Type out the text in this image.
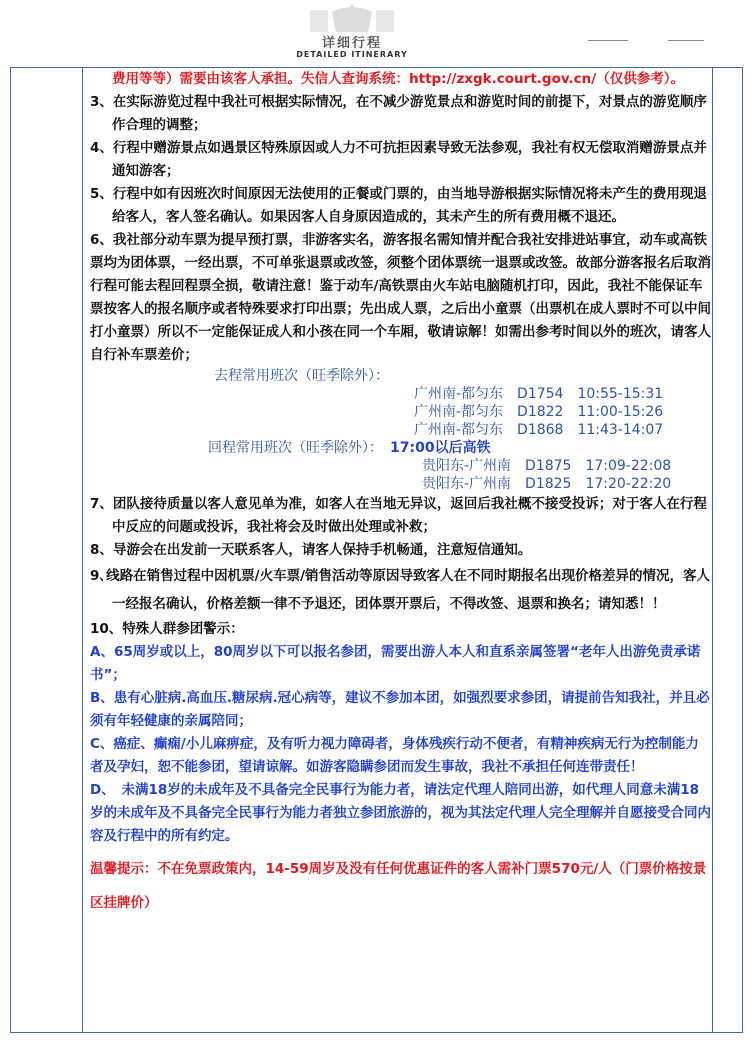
详细行程
DETAILED ITINERARY

费用等等）需要由该客人承担。失信人查询系统：http://zxgk.court.gov.cn/（仅供参考）。

3、在实际游览过程中我社可根据实际情况，在不减少游览景点和游览时间的前提下，对景点的游览顺序作合理的调整；

4、行程中赠游景点如遇景区特殊原因或人力不可抗拒因素导致无法参观，我社有权无偿取消赠游景点并通知游客；

5、行程中如有因班次时间原因无法使用的正餐或门票的，由当地导游根据实际情况将未产生的费用现退给客人，客人签名确认。如果因客人自身原因造成的，其未产生的所有费用概不退还。

6、我社部分动车票为提早预打票，非游客实名，游客报名需知情并配合我社安排进站事宜，动车或高铁票均为团体票，一经出票，不可单张退票或改签，须整个团体票统一退票或改签。故部分游客报名后取消行程可能去程回程票全损，敬请注意！鉴于动车/高铁票由火车站电脑随机打印，因此，我社不能保证车票按客人的报名顺序或者特殊要求打印出票；先出成人票，之后出小童票（出票机在成人票时不可以中间打小童票）所以不一定能保证成人和小孩在同一个车厢，敬请谅解！如需出参考时间以外的班次，请客人自行补车票差价；

去程常用班次（旺季除外）：
广州南-都匀东　D1754　10:55-15:31
广州南-都匀东　D1822　11:00-15:26
广州南-都匀东　D1868　11:43-14:07
回程常用班次（旺季除外）：　 17:00以后高铁
贵阳东-广州南　D1875　17:09-22:08
贵阳东-广州南　D1825　17:20-22:20

7、团队接待质量以客人意见单为准，如客人在当地无异议，返回后我社概不接受投诉；对于客人在行程中反应的问题或投诉，我社将会及时做出处理或补救；

8、导游会在出发前一天联系客人，请客人保持手机畅通，注意短信通知。

9､线路在销售过程中因机票/火车票/销售活动等原因导致客人在不同时期报名出现价格差异的情况，客人一经报名确认，价格差额一律不予退还，团体票开票后，不得改签、退票和换名；请知悉！！

10、特殊人群参团警示：

A、65周岁或以上，80周岁以下可以报名参团，需要出游人本人和直系亲属签署“老年人出游免责承诺书”；

B、患有心脏病.高血压.糖尿病.冠心病等，建议不参加本团，如强烈要求参团，请提前告知我社，并且必须有年轻健康的亲属陪同；

C、癌症、癫痫/小儿麻痹症，及有听力视力障碍者，身体残疾行动不便者，有精神疾病无行为控制能力者及孕妇，恕不能参团，望请谅解。如游客隐瞒参团而发生事故，我社不承担任何连带责任！

D、　未满18岁的未成年及不具备完全民事行为能力者，请法定代理人陪同出游，如代理人同意未满18岁的未成年及不具备完全民事行为能力者独立参团旅游的，视为其法定代理人完全理解并自愿接受合同内容及行程中的所有约定。

温馨提示：不在免票政策内，14-59周岁及没有任何优惠证件的客人需补门票570元/人（门票价格按景区挂牌价）
